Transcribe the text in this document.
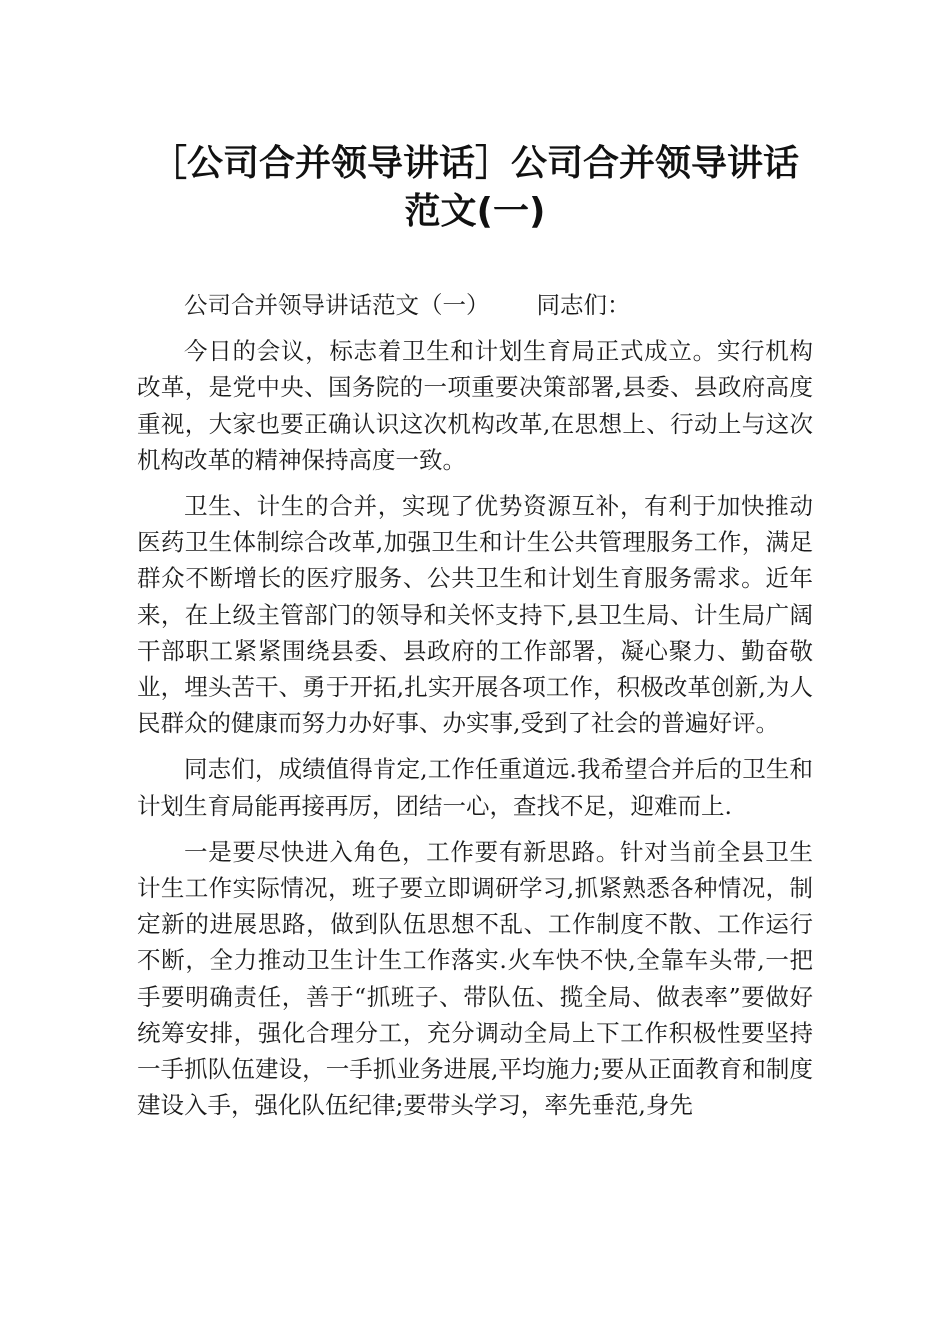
［公司合并领导讲话］公司合并领导讲话范文(一)
公司合并领导讲话范文（一） 同志们：

今日的会议，标志着卫生和计划生育局正式成立。实行机构改革，是党中央、国务院的一项重要决策部署,县委、县政府高度重视，大家也要正确认识这次机构改革,在思想上、行动上与这次机构改革的精神保持高度一致。

卫生、计生的合并，实现了优势资源互补，有利于加快推动医药卫生体制综合改革,加强卫生和计生公共管理服务工作，满足群众不断增长的医疗服务、公共卫生和计划生育服务需求。近年来，在上级主管部门的领导和关怀支持下,县卫生局、计生局广阔干部职工紧紧围绕县委、县政府的工作部署，凝心聚力、勤奋敬业，埋头苦干、勇于开拓,扎实开展各项工作，积极改革创新,为人民群众的健康而努力办好事、办实事,受到了社会的普遍好评。

同志们，成绩值得肯定,工作任重道远.我希望合并后的卫生和计划生育局能再接再厉，团结一心，查找不足，迎难而上.

一是要尽快进入角色，工作要有新思路。针对当前全县卫生计生工作实际情况，班子要立即调研学习,抓紧熟悉各种情况，制定新的进展思路，做到队伍思想不乱、工作制度不散、工作运行不断，全力推动卫生计生工作落实.火车快不快,全靠车头带,一把手要明确责任，善于“抓班子、带队伍、揽全局、做表率”要做好统筹安排，强化合理分工，充分调动全局上下工作积极性要坚持一手抓队伍建设，一手抓业务进展,平均施力;要从正面教育和制度建设入手，强化队伍纪律;要带头学习，率先垂范,身先
